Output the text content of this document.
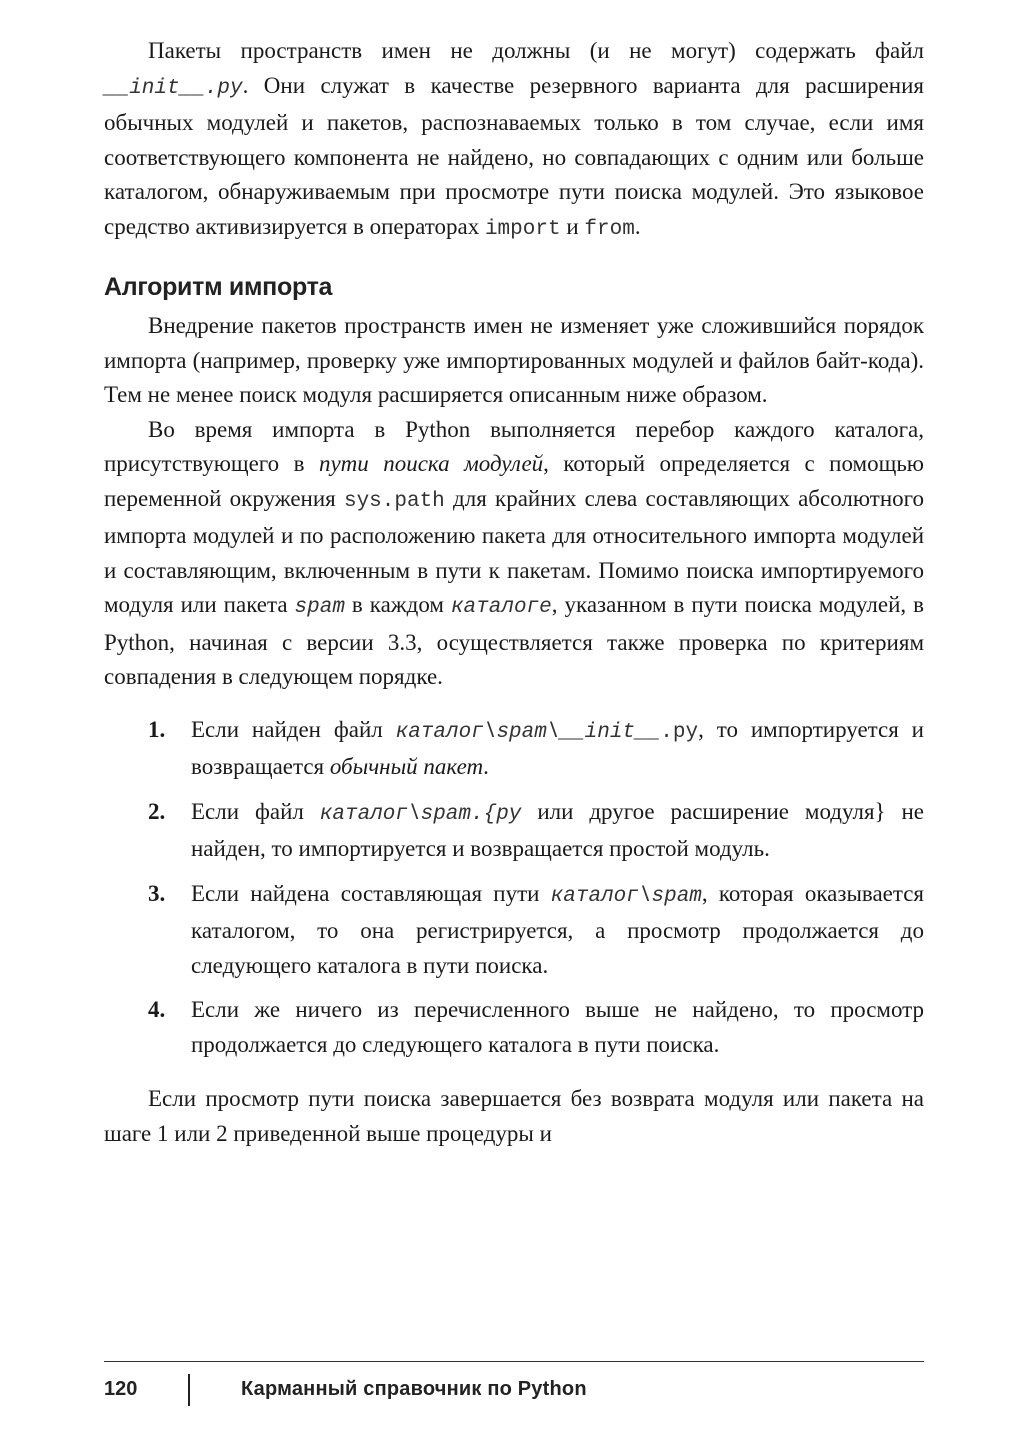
Пакеты пространств имен не должны (и не могут) содержать файл __init__.py. Они служат в качестве резервного варианта для расширения обычных модулей и пакетов, распознаваемых только в том случае, если имя соответствующего компонента не найдено, но совпадающих с одним или больше каталогом, обнаруживаемым при просмотре пути поиска модулей. Это языковое средство активизируется в операторах import и from.

Алгоритм импорта

Внедрение пакетов пространств имен не изменяет уже сложившийся порядок импорта (например, проверку уже импортированных модулей и файлов байт-кода). Тем не менее поиск модуля расширяется описанным ниже образом.

Во время импорта в Python выполняется перебор каждого каталога, присутствующего в пути поиска модулей, который определяется с помощью переменной окружения sys.path для крайних слева составляющих абсолютного импорта модулей и по расположению пакета для относительного импорта модулей и составляющим, включенным в пути к пакетам. Помимо поиска импортируемого модуля или пакета spam в каждом каталоге, указанном в пути поиска модулей, в Python, начиная с версии 3.3, осуществляется также проверка по критериям совпадения в следующем порядке.

1. Если найден файл каталог\spam\__init__.py, то импортируется и возвращается обычный пакет.
2. Если файл каталог\spam.{py или другое расширение модуля} не найден, то импортируется и возвращается простой модуль.
3. Если найдена составляющая пути каталог\spam, которая оказывается каталогом, то она регистрируется, а просмотр продолжается до следующего каталога в пути поиска.
4. Если же ничего из перечисленного выше не найдено, то просмотр продолжается до следующего каталога в пути поиска.

Если просмотр пути поиска завершается без возврата модуля или пакета на шаге 1 или 2 приведенной выше процедуры и

120	Карманный справочник по Python
